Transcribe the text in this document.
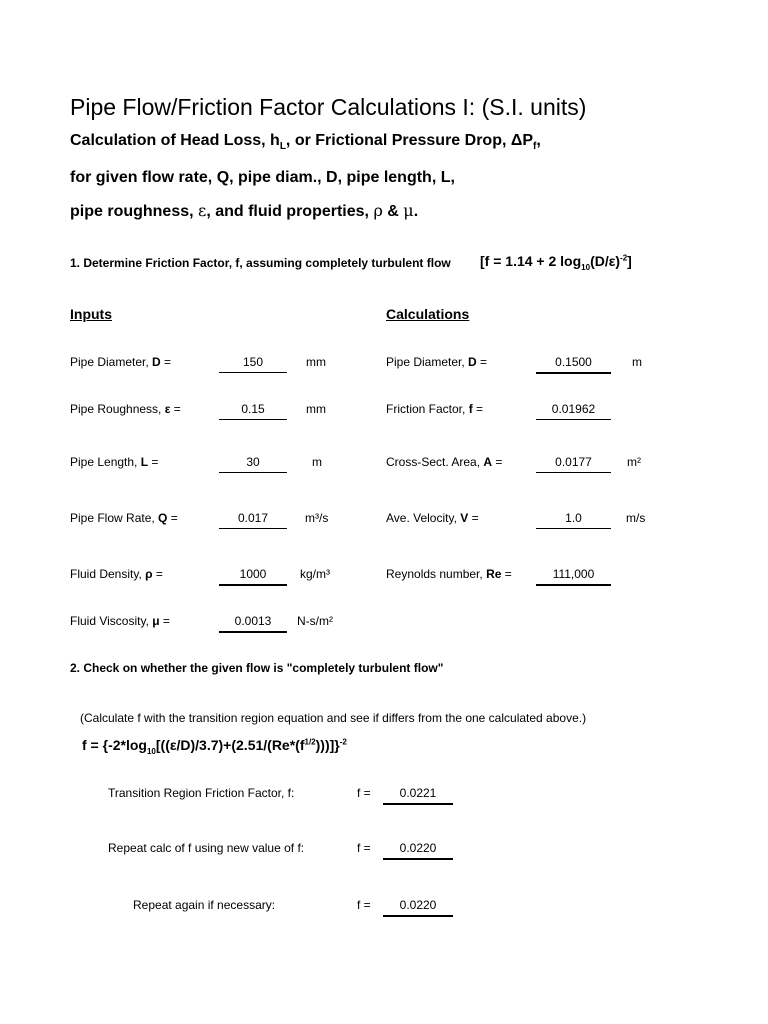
Pipe Flow/Friction Factor Calculations I: (S.I. units)
Calculation of Head Loss, $h_L$, or Frictional Pressure Drop, $\Delta P_f$,
for given flow rate, Q, pipe diam., D, pipe length, L,
pipe roughness, ε, and fluid properties, ρ & μ.
1. Determine Friction Factor, f, assuming completely turbulent flow [f = 1.14 + 2 $\log_{10}(D/\varepsilon)^{-2}$]
Inputs	Calculations
Pipe Diameter, D =	150	mm
Pipe Roughness, ε =	0.15	mm
Pipe Length, L =	30	m
Pipe Flow Rate, Q =	0.017	m³/s
Fluid Density, ρ =	1000	kg/m³
Fluid Viscosity, μ =	0.0013	N-s/m²
Pipe Diameter, D =	0.1500	m
Friction Factor, f =	0.01962
Cross-Sect. Area, A =	0.0177	m²
Ave. Velocity, V =	1.0	m/s
Reynolds number, Re =	111,000
2. Check on whether the given flow is "completely turbulent flow"
(Calculate f with the transition region equation and see if differs from the one calculated above.)
$f = \{-2*\log_{10}[((\varepsilon/D)/3.7)+(2.51/(Re*(f^{1/2})))]\}^{-2}$
Transition Region Friction Factor, f:	f =	0.0221
Repeat calc of f using new value of f:	f =	0.0220
Repeat again if necessary:	f =	0.0220
